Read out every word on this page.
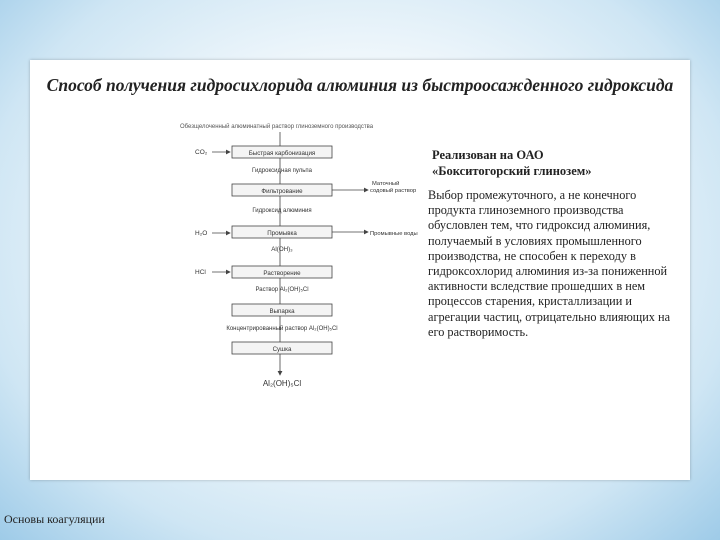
Способ получения гидросихлорида алюминия из быстроосажденного гидроксида
Обезщелоченный алюминатный раствор глиноземного производства
CO₂
H₂O
HCl
Быстрая карбонизация
Гидроксидная пульпа
Фильтрование
Маточный содовый раствор
Гидроксид алюминия
Промывка	Промывные воды
Al(OH)₃
Растворение
Раствор Al₂(OH)₅Cl
Выпарка
Концентрированный раствор Al₂(OH)₅Cl
Сушка
Al₂(OH)₅Cl
Реализован на ОАО
«Бокситогорский глинозем»
Выбор промежуточного, а не конечного продукта глиноземного производства обусловлен тем, что гидроксид алюминия, получаемый в условиях промышленного производства, не способен к переходу в гидроксохлорид алюминия из-за пониженной активности вследствие прошедших в нем процессов старения, кристаллизации и агрегации частиц, отрицательно влияющих на его растворимость.
Основы коагуляции
